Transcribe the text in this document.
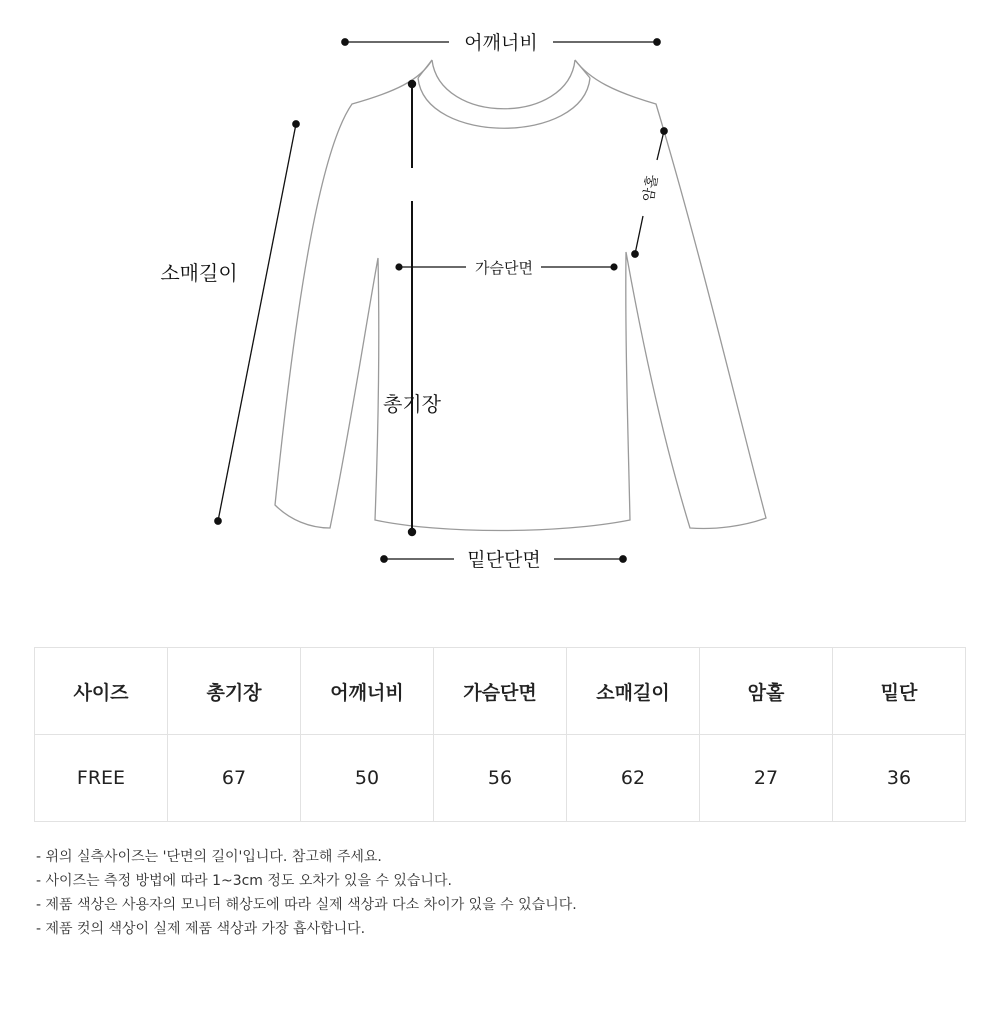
어깨너비
소매길이
암홀
가슴단면
총기장
밑단단면
사이즈	총기장	어깨너비	가슴단면	소매길이	암홀	밑단
FREE	67	50	56	62	27	36
- 위의 실측사이즈는 '단면의 길이'입니다. 참고해 주세요.
- 사이즈는 측정 방법에 따라 1~3cm 정도 오차가 있을 수 있습니다.
- 제품 색상은 사용자의 모니터 해상도에 따라 실제 색상과 다소 차이가 있을 수 있습니다.
- 제품 컷의 색상이 실제 제품 색상과 가장 흡사합니다.
